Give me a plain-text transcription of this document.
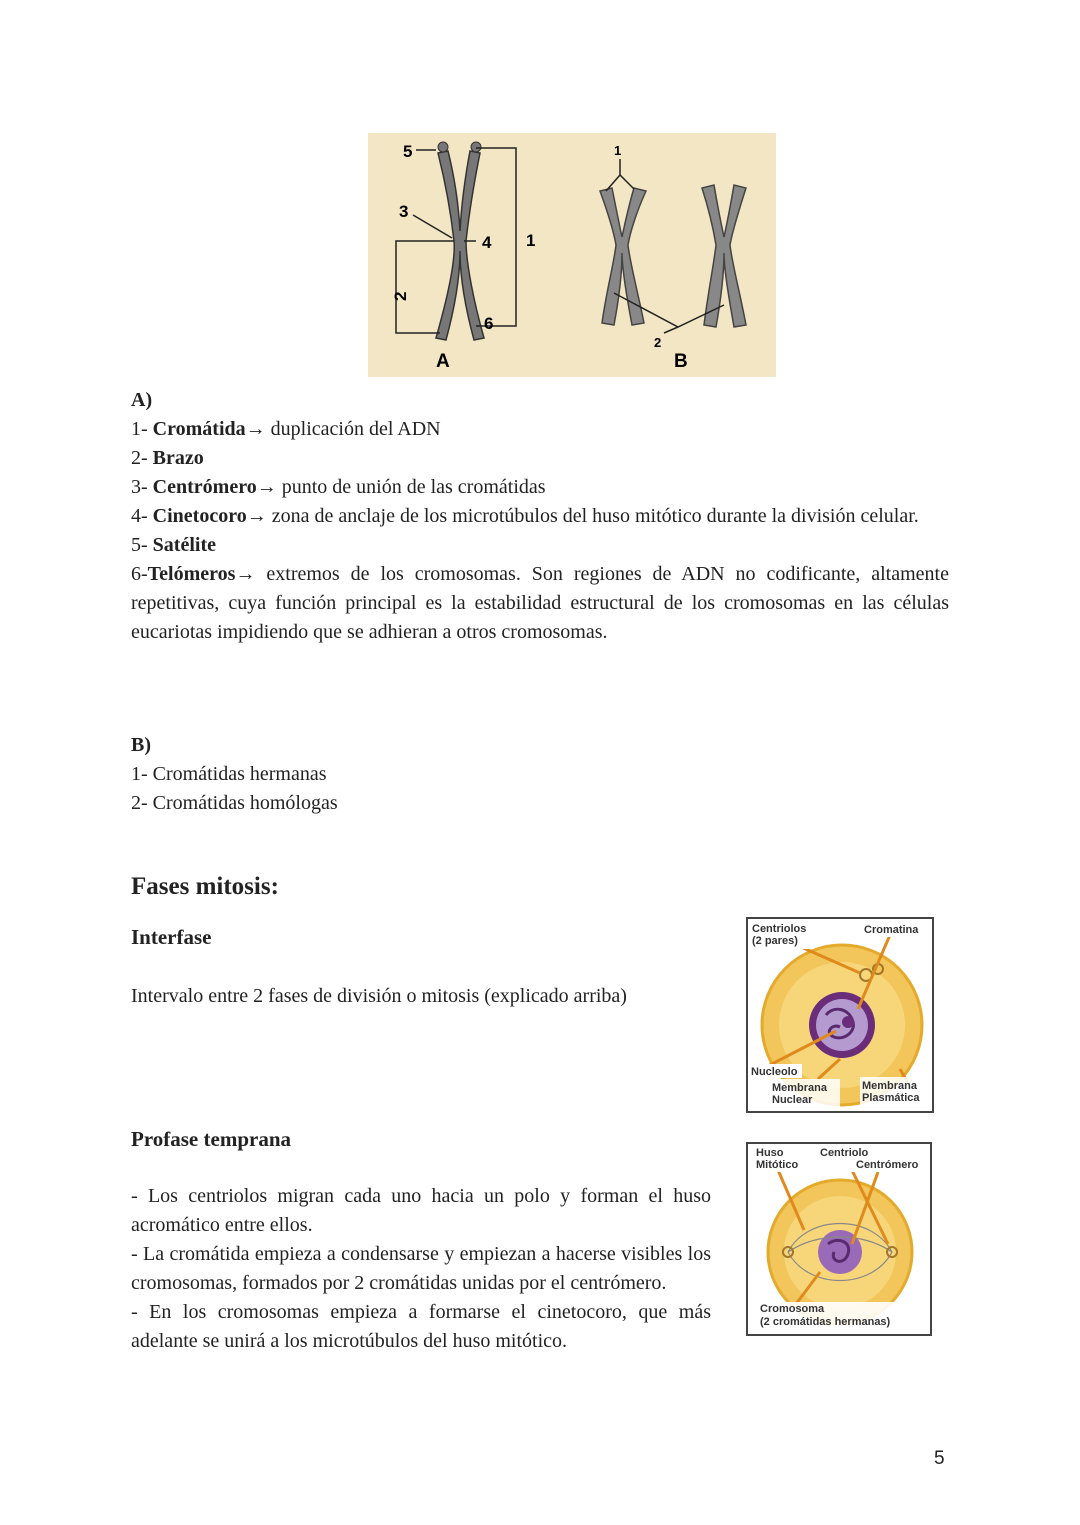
5
3
4 1
2
6
A
1
2
B
A)
1- Cromátida→ duplicación del ADN
2- Brazo
3- Centrómero→ punto de unión de las cromátidas
4- Cinetocoro→ zona de anclaje de los microtúbulos del huso mitótico durante la división celular.
5- Satélite
6-Telómeros→ extremos de los cromosomas. Son regiones de ADN no codificante, altamente repetitivas, cuya función principal es la estabilidad estructural de los cromosomas en las células eucariotas impidiendo que se adhieran a otros cromosomas.
B)
1- Cromátidas hermanas
2- Cromátidas homólogas
Fases mitosis:
Interfase
Intervalo entre 2 fases de división o mitosis (explicado arriba)
Centriolos
(2 pares)
Cromatina
Nucleolo
Membrana
Nuclear
Membrana
Plasmática
Profase temprana
- Los centriolos migran cada uno hacia un polo y forman el huso acromático entre ellos.
- La cromátida empieza a condensarse y empiezan a hacerse visibles los cromosomas, formados por 2 cromátidas unidas por el centrómero.
- En los cromosomas empieza a formarse el cinetocoro, que más adelante se unirá a los microtúbulos del huso mitótico.
Huso
Mitótico
Centriolo
Centrómero
Cromosoma
(2 cromátidas hermanas)
5
